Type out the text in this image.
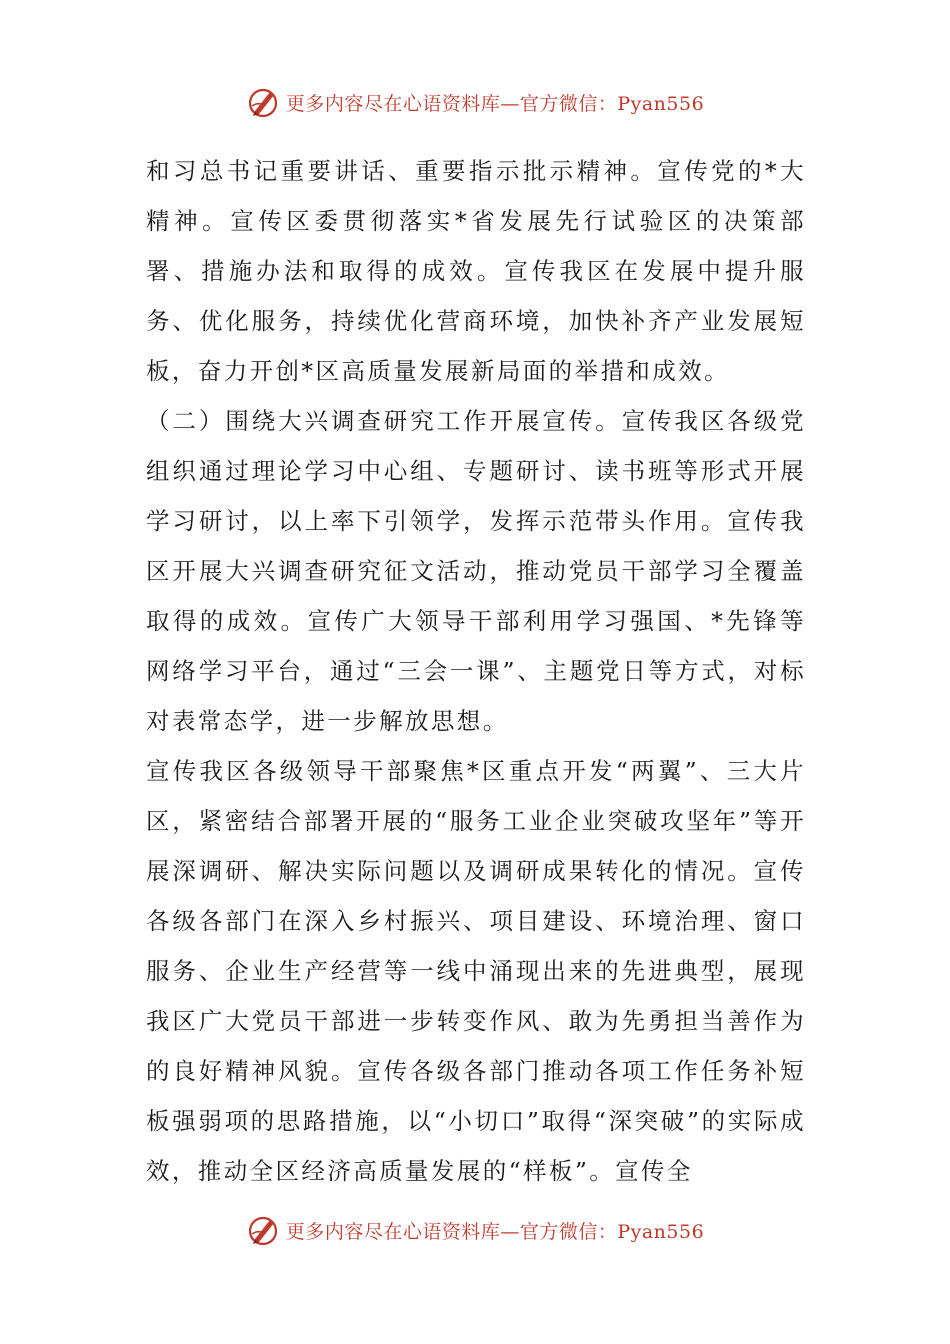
更多内容尽在心语资料库—官方微信：Pyan556

和习总书记重要讲话、重要指示批示精神。宣传党的*大精神。宣传区委贯彻落实*省发展先行试验区的决策部署、措施办法和取得的成效。宣传我区在发展中提升服务、优化服务，持续优化营商环境，加快补齐产业发展短板，奋力开创*区高质量发展新局面的举措和成效。

（二）围绕大兴调查研究工作开展宣传。宣传我区各级党组织通过理论学习中心组、专题研讨、读书班等形式开展学习研讨，以上率下引领学，发挥示范带头作用。宣传我区开展大兴调查研究征文活动，推动党员干部学习全覆盖取得的成效。宣传广大领导干部利用学习强国、*先锋等网络学习平台，通过“三会一课”、主题党日等方式，对标对表常态学，进一步解放思想。

宣传我区各级领导干部聚焦*区重点开发“两翼”、三大片区，紧密结合部署开展的“服务工业企业突破攻坚年”等开展深调研、解决实际问题以及调研成果转化的情况。宣传各级各部门在深入乡村振兴、项目建设、环境治理、窗口服务、企业生产经营等一线中涌现出来的先进典型，展现我区广大党员干部进一步转变作风、敢为先勇担当善作为的良好精神风貌。宣传各级各部门推动各项工作任务补短板强弱项的思路措施，以“小切口”取得“深突破”的实际成效，推动全区经济高质量发展的“样板”。宣传全

更多内容尽在心语资料库—官方微信：Pyan556
